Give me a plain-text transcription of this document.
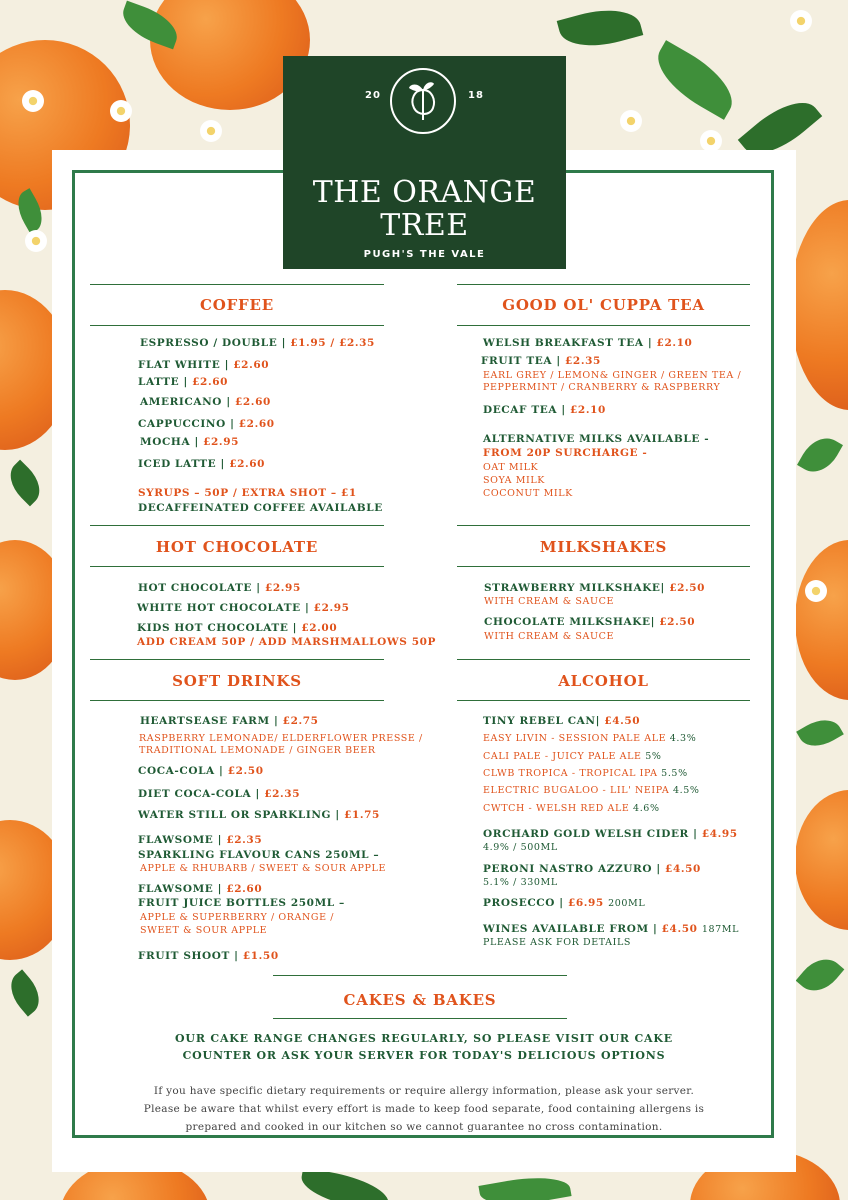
20	18
THE ORANGE
TREE
PUGH'S THE VALE
COFFEE
ESPRESSO / DOUBLE | £1.95 / £2.35
FLAT WHITE | £2.60
LATTE | £2.60
AMERICANO | £2.60
CAPPUCCINO | £2.60
MOCHA | £2.95
ICED LATTE | £2.60
SYRUPS – 50P / EXTRA SHOT – £1
DECAFFEINATED COFFEE AVAILABLE
GOOD OL' CUPPA TEA
WELSH BREAKFAST TEA | £2.10
FRUIT TEA | £2.35
EARL GREY / LEMON& GINGER / GREEN TEA /
PEPPERMINT / CRANBERRY & RASPBERRY
DECAF TEA | £2.10
ALTERNATIVE MILKS AVAILABLE -
FROM 20P SURCHARGE -
OAT MILK
SOYA MILK
COCONUT MILK
HOT CHOCOLATE
HOT CHOCOLATE | £2.95
WHITE HOT CHOCOLATE | £2.95
KIDS HOT CHOCOLATE | £2.00
ADD CREAM 50P / ADD MARSHMALLOWS 50P
MILKSHAKES
STRAWBERRY MILKSHAKE| £2.50
WITH CREAM & SAUCE
CHOCOLATE MILKSHAKE| £2.50
WITH CREAM & SAUCE
SOFT DRINKS
HEARTSEASE FARM | £2.75
RASPBERRY LEMONADE/ ELDERFLOWER PRESSE /
TRADITIONAL LEMONADE / GINGER BEER
COCA-COLA | £2.50
DIET COCA-COLA | £2.35
WATER STILL OR SPARKLING | £1.75
FLAWSOME | £2.35
SPARKLING FLAVOUR CANS 250ML –
APPLE & RHUBARB / SWEET & SOUR APPLE
FLAWSOME | £2.60
FRUIT JUICE BOTTLES 250ML –
APPLE & SUPERBERRY / ORANGE /
SWEET & SOUR APPLE
FRUIT SHOOT | £1.50
ALCOHOL
TINY REBEL CAN| £4.50
EASY LIVIN - SESSION PALE ALE 4.3%
CALI PALE - JUICY PALE ALE 5%
CLWB TROPICA - TROPICAL IPA 5.5%
ELECTRIC BUGALOO - LIL' NEIPA 4.5%
CWTCH - WELSH RED ALE 4.6%
ORCHARD GOLD WELSH CIDER | £4.95
4.9% / 500ML
PERONI NASTRO AZZURO | £4.50
5.1% / 330ML
PROSECCO | £6.95 200ML
WINES AVAILABLE FROM | £4.50 187ML
PLEASE ASK FOR DETAILS
CAKES & BAKES
OUR CAKE RANGE CHANGES REGULARLY, SO PLEASE VISIT OUR CAKE
COUNTER OR ASK YOUR SERVER FOR TODAY'S DELICIOUS OPTIONS
If you have specific dietary requirements or require allergy information, please ask your server.
Please be aware that whilst every effort is made to keep food separate, food containing allergens is
prepared and cooked in our kitchen so we cannot guarantee no cross contamination.
